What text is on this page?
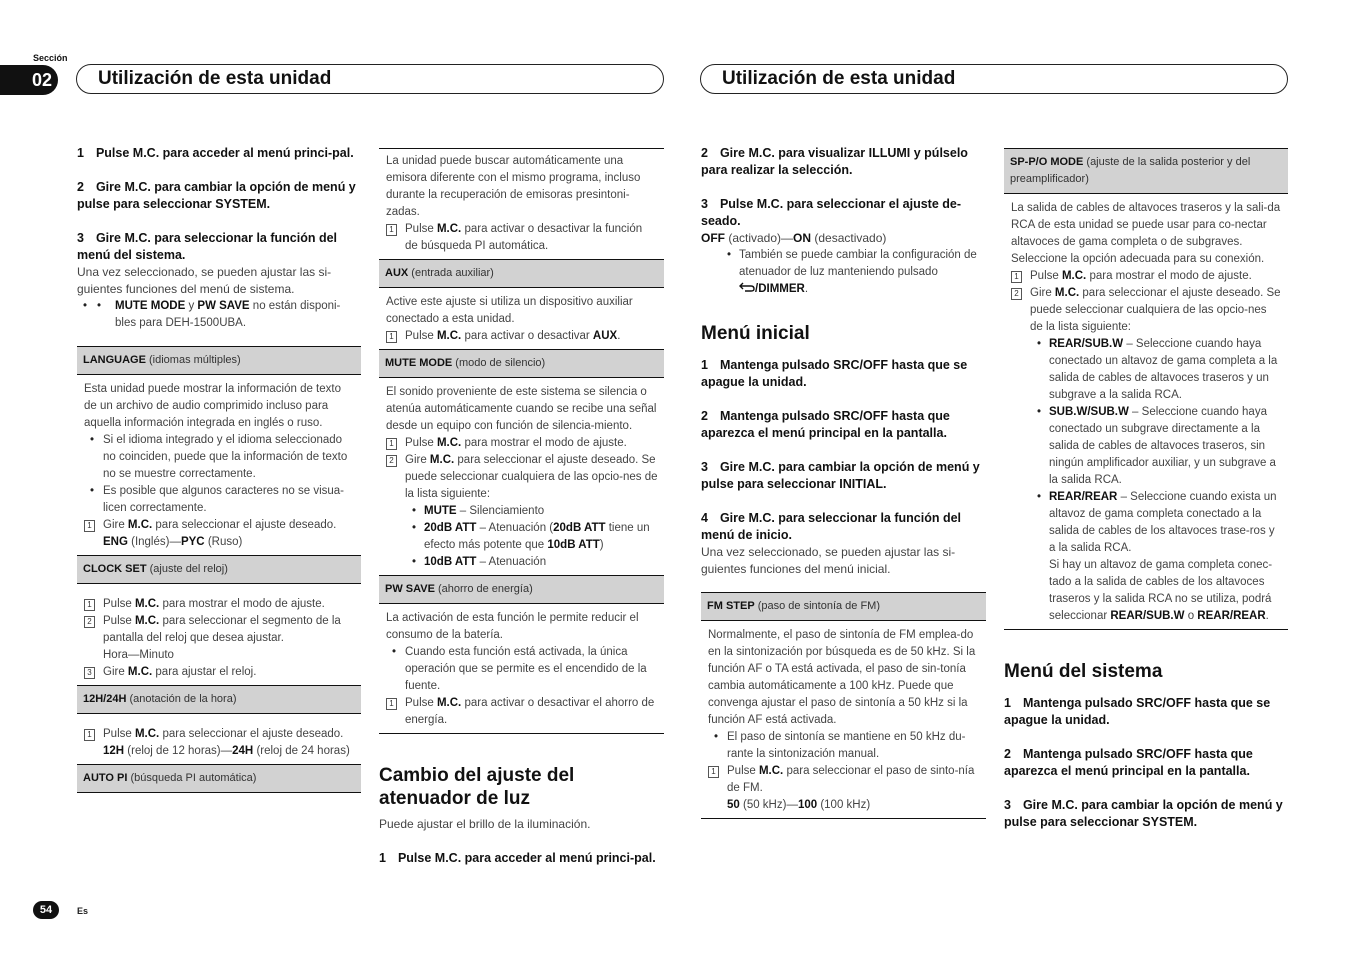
Sección
02	Utilización de esta unidad	Utilización de esta unidad

1 Pulse M.C. para acceder al menú princi-pal.

2 Gire M.C. para cambiar la opción de menú y pulse para seleccionar SYSTEM.

3 Gire M.C. para seleccionar la función del menú del sistema.

Una vez seleccionado, se pueden ajustar las si-guientes funciones del menú de sistema.

• • MUTE MODE y PW SAVE no están disponi-bles para DEH-1500UBA.
LANGUAGE (idiomas múltiples)

Esta unidad puede mostrar la información de texto de un archivo de audio comprimido incluso para aquella información integrada en inglés o ruso.

• Si el idioma integrado y el idioma seleccionado no coinciden, puede que la información de texto no se muestre correctamente.
• Es posible que algunos caracteres no se visua-licen correctamente.
1 Gire M.C. para seleccionar el ajuste deseado.
ENG (Inglés)—PYC (Ruso)
CLOCK SET (ajuste del reloj)
1 Pulse M.C. para mostrar el modo de ajuste.
2 Pulse M.C. para seleccionar el segmento de la pantalla del reloj que desea ajustar.
Hora—Minuto
3 Gire M.C. para ajustar el reloj.
12H/24H (anotación de la hora)
1 Pulse M.C. para seleccionar el ajuste deseado.
12H (reloj de 12 horas)—24H (reloj de 24 horas)
AUTO PI (búsqueda PI automática)

La unidad puede buscar automáticamente una emisora diferente con el mismo programa, incluso durante la recuperación de emisoras presintoni-zadas.

1 Pulse M.C. para activar o desactivar la función de búsqueda PI automática.
AUX (entrada auxiliar)

Active este ajuste si utiliza un dispositivo auxiliar conectado a esta unidad.

1 Pulse M.C. para activar o desactivar AUX.
MUTE MODE (modo de silencio)

El sonido proveniente de este sistema se silencia o atenúa automáticamente cuando se recibe una señal desde un equipo con función de silencia-miento.

1 Pulse M.C. para mostrar el modo de ajuste.
2 Gire M.C. para seleccionar el ajuste deseado. Se puede seleccionar cualquiera de las opcio-nes de la lista siguiente:
• MUTE – Silenciamiento
• 20dB ATT – Atenuación (20dB ATT tiene un efecto más potente que 10dB ATT)
• 10dB ATT – Atenuación
PW SAVE (ahorro de energía)

La activación de esta función le permite reducir el consumo de la batería.

• Cuando esta función está activada, la única operación que se permite es el encendido de la fuente.
1 Pulse M.C. para activar o desactivar el ahorro de energía.
Cambio del ajuste del atenuador de luz

Puede ajustar el brillo de la iluminación.

1 Pulse M.C. para acceder al menú princi-pal.

2 Gire M.C. para visualizar ILLUMI y púlselo para realizar la selección.

3 Pulse M.C. para seleccionar el ajuste de-seado.

OFF (activado)—ON (desactivado)

• También se puede cambiar la configuración de atenuador de luz manteniendo pulsado
/DIMMER.
Menú inicial

1 Mantenga pulsado SRC/OFF hasta que se apague la unidad.

2 Mantenga pulsado SRC/OFF hasta que aparezca el menú principal en la pantalla.

3 Gire M.C. para cambiar la opción de menú y pulse para seleccionar INITIAL.

4 Gire M.C. para seleccionar la función del menú de inicio.

Una vez seleccionado, se pueden ajustar las si-guientes funciones del menú inicial.

FM STEP (paso de sintonía de FM)

Normalmente, el paso de sintonía de FM emplea-do en la sintonización por búsqueda es de 50 kHz. Si la función AF o TA está activada, el paso de sin-tonía cambia automáticamente a 100 kHz. Puede que convenga ajustar el paso de sintonía a 50 kHz si la función AF está activada.

• El paso de sintonía se mantiene en 50 kHz du-rante la sintonización manual.
1 Pulse M.C. para seleccionar el paso de sinto-nía de FM.
50 (50 kHz)—100 (100 kHz)
SP-P/O MODE (ajuste de la salida posterior y del preamplificador)

La salida de cables de altavoces traseros y la sali-da RCA de esta unidad se puede usar para co-nectar altavoces de gama completa o de subgraves. Seleccione la opción adecuada para su conexión.

1 Pulse M.C. para mostrar el modo de ajuste.
2 Gire M.C. para seleccionar el ajuste deseado. Se puede seleccionar cualquiera de las opcio-nes de la lista siguiente:
• REAR/SUB.W – Seleccione cuando haya conectado un altavoz de gama completa a la salida de cables de altavoces traseros y un subgrave a la salida RCA.
• SUB.W/SUB.W – Seleccione cuando haya conectado un subgrave directamente a la salida de cables de altavoces traseros, sin ningún amplificador auxiliar, y un subgrave a la salida RCA.
• REAR/REAR – Seleccione cuando exista un altavoz de gama completa conectado a la salida de cables de los altavoces trase-ros y a la salida RCA.
Si hay un altavoz de gama completa conec-tado a la salida de cables de los altavoces traseros y la salida RCA no se utiliza, podrá seleccionar REAR/SUB.W o REAR/REAR.
Menú del sistema

1 Mantenga pulsado SRC/OFF hasta que se apague la unidad.

2 Mantenga pulsado SRC/OFF hasta que aparezca el menú principal en la pantalla.

3 Gire M.C. para cambiar la opción de menú y pulse para seleccionar SYSTEM.

54	Es
